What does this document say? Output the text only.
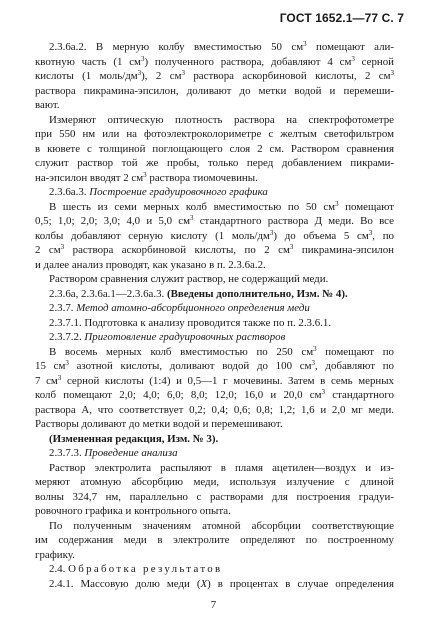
ГОСТ 1652.1—77 С. 7
2.3.6а.2. В мерную колбу вместимостью 50 $см^3$ помещают али-
квотную часть (1 $см^3$) полученного раствора, добавляют 4 $см^3$ серной
кислоты (1 моль/$дм^3$), 2 $см^3$ раствора аскорбиновой кислоты, 2 $см^3$
раствора пикрамина-эпсилон, доливают до метки водой и перемеши-
вают.
Измеряют оптическую плотность раствора на спектрофотометре
при 550 нм или на фотоэлектроколориметре с желтым светофильтром
в кювете с толщиной поглощающего слоя 2 см. Раствором сравнения
служит раствор той же пробы, только перед добавлением пикрами-
на-эпсилон вводят 2 $см^3$ раствора тиомочевины.
2.3.6а.3. Построение градуировочного графика
В шесть из семи мерных колб вместимостью по 50 $см^3$ помещают
0,5; 1,0; 2,0; 3,0; 4,0 и 5,0 $см^3$ стандартного раствора Д меди. Во все
колбы добавляют серную кислоту (1 моль/$дм^3$) до объема 5 $см^3$, по
2 $см^3$ раствора аскорбиновой кислоты, по 2 $см^3$ пикрамина-эпсилон
и далее анализ проводят, как указано в п. 2.3.6а.2.
Раствором сравнения служит раствор, не содержащий меди.
2.3.6а, 2.3.6а.1—2.3.6а.3. (Введены дополнительно, Изм. № 4).
2.3.7. Метод атомно-абсорбционного определения меди
2.3.7.1. Подготовка к анализу проводится также по п. 2.3.6.1.
2.3.7.2. Приготовление градуировочных растворов
В восемь мерных колб вместимостью по 250 $см^3$ помещают по
15 $см^3$ азотной кислоты, доливают водой до 100 $см^3$, добавляют по
7 $см^3$ серной кислоты (1:4) и 0,5—1 г мочевины. Затем в семь мерных
колб помещают 2,0; 4,0; 6,0; 8,0; 12,0; 16,0 и 20,0 $см^3$ стандартного
раствора А, что соответствует 0,2; 0,4; 0,6; 0,8; 1,2; 1,6 и 2,0 мг меди.
Растворы доливают до метки водой и перемешивают.
(Измененная редакция, Изм. № 3).
2.3.7.3. Проведение анализа
Раствор электролита распыляют в пламя ацетилен—воздух и из-
меряют атомную абсорбцию меди, используя излучение с длиной
волны 324,7 нм, параллельно с растворами для построения градуи-
ровочного графика и контрольного опыта.
По полученным значениям атомной абсорбции соответствующие
им содержания меди в электролите определяют по построенному
графику.
2.4. Обработка результатов
2.4.1. Массовую долю меди (X) в процентах в случае определения
7
